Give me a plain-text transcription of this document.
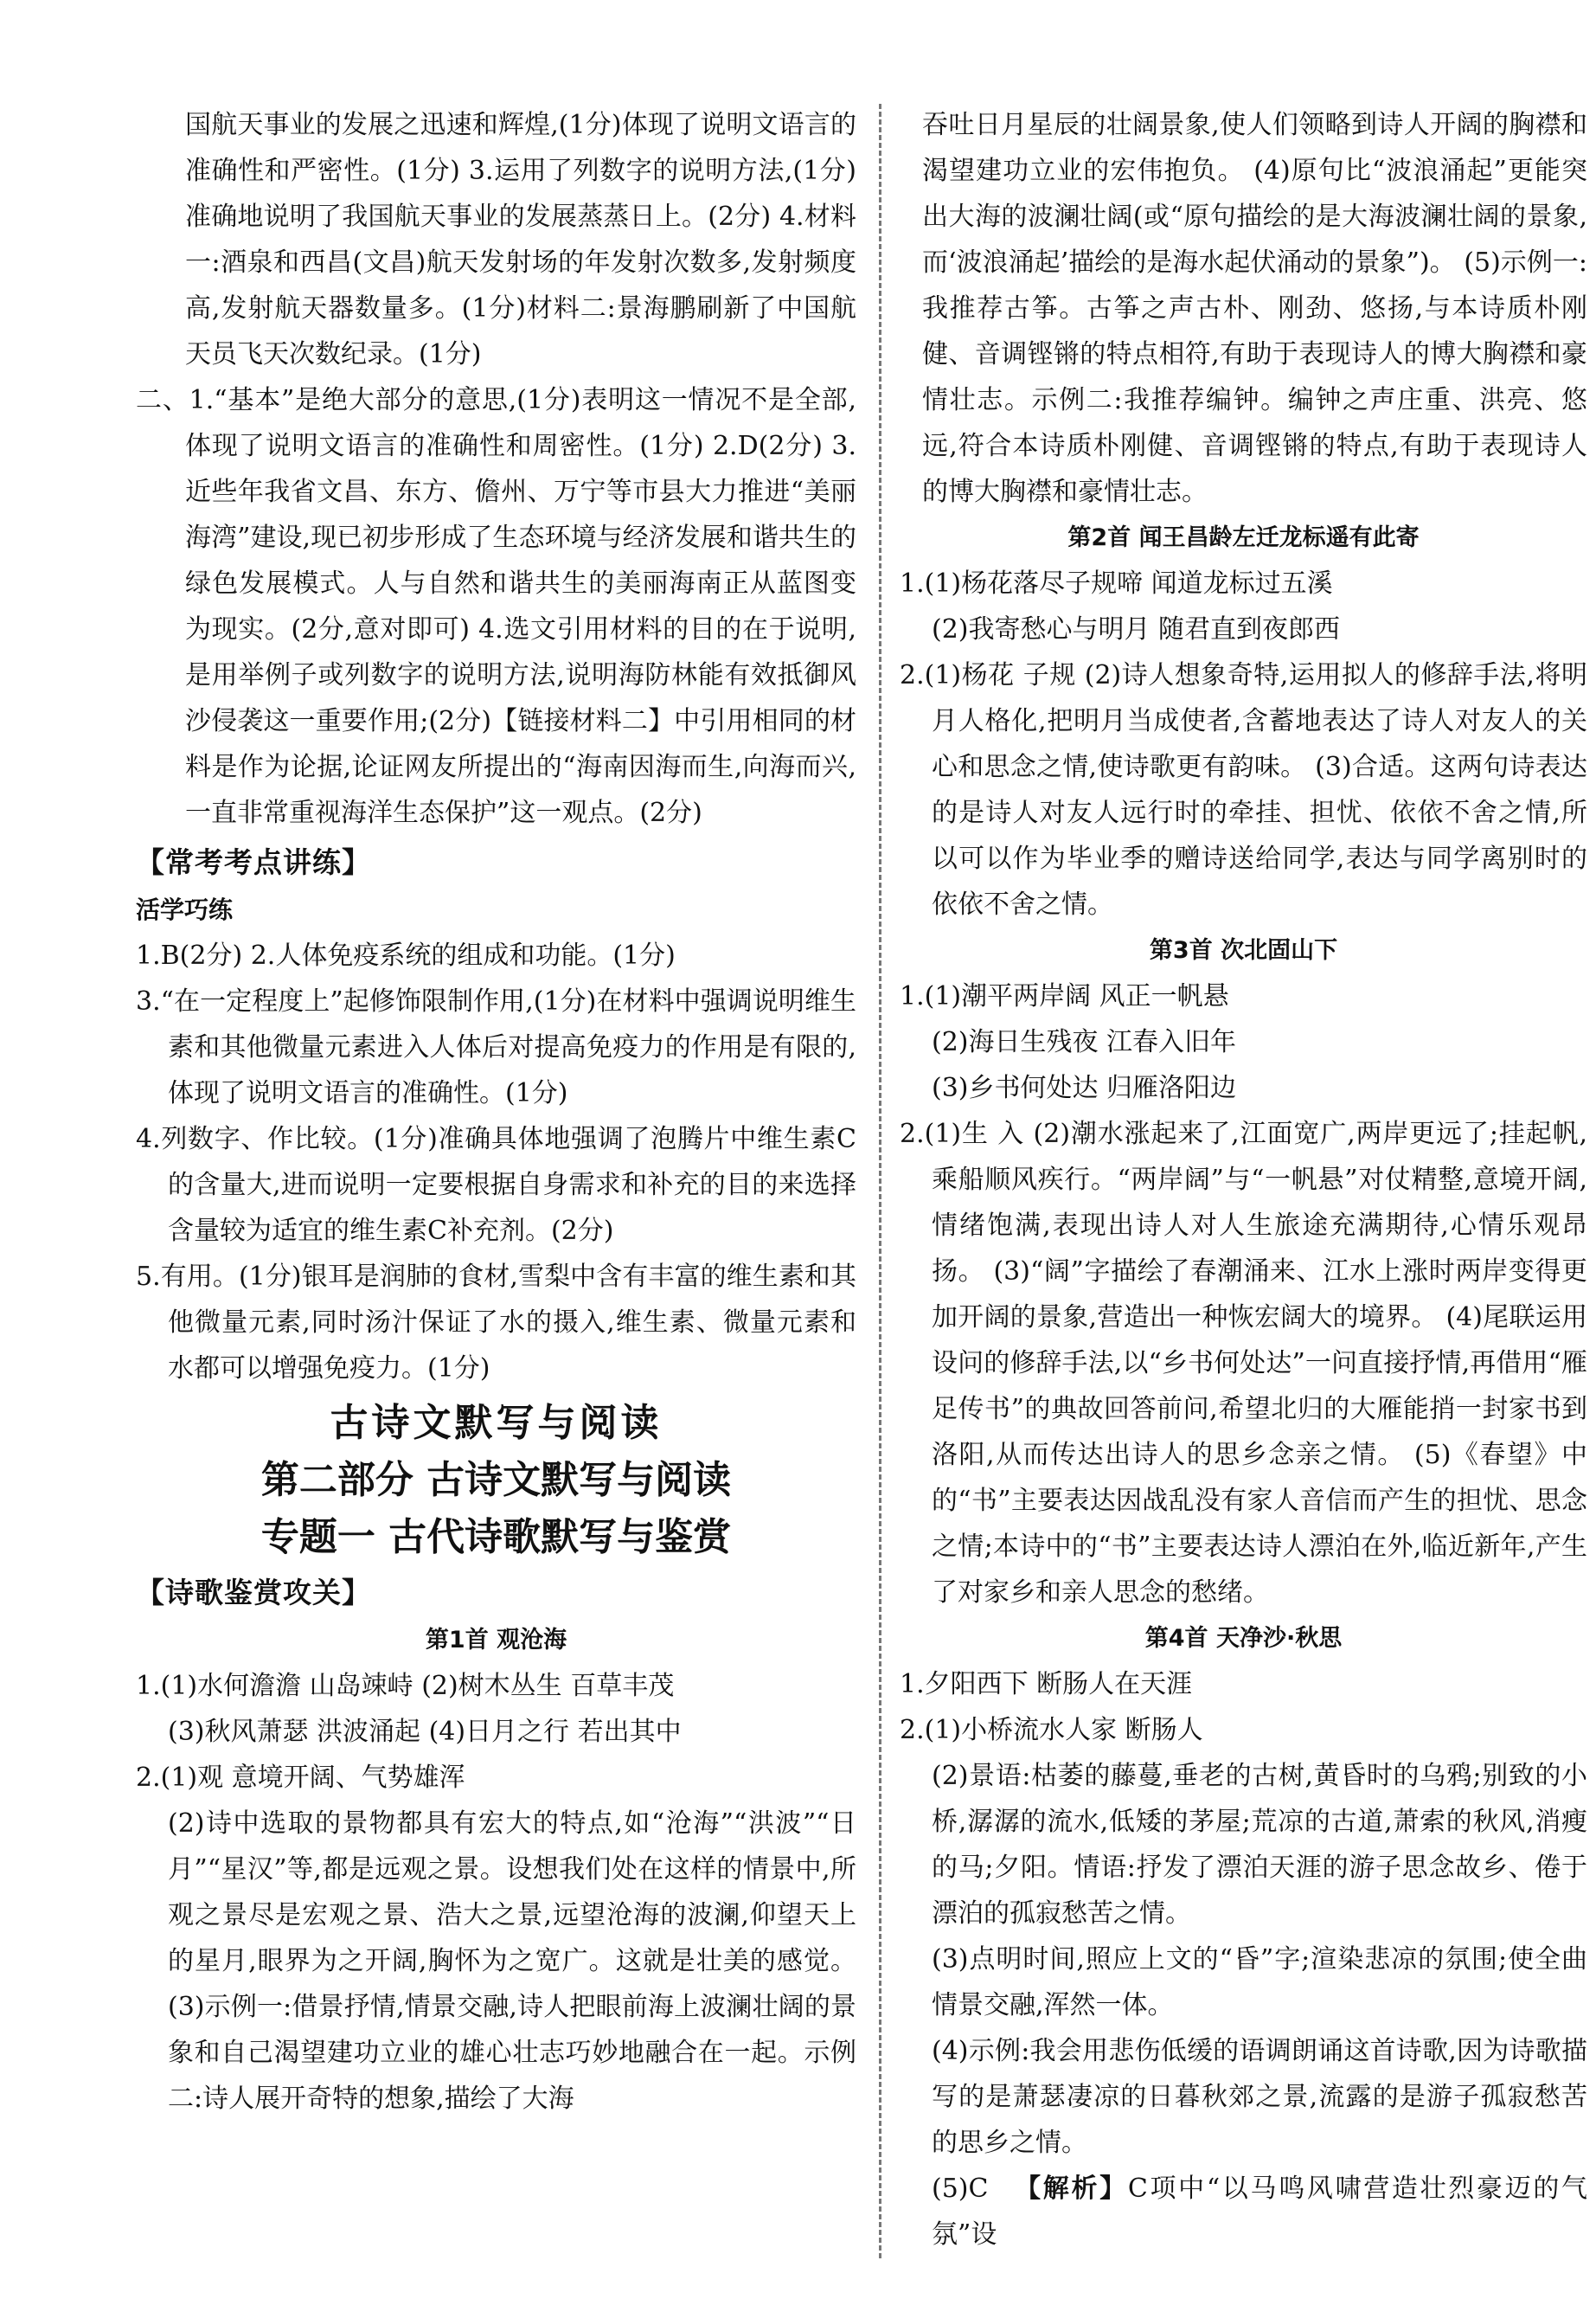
国航天事业的发展之迅速和辉煌,(1分)体现了说明文语言的准确性和严密性。(1分) 3.运用了列数字的说明方法,(1分)准确地说明了我国航天事业的发展蒸蒸日上。(2分) 4.材料一:酒泉和西昌(文昌)航天发射场的年发射次数多,发射频度高,发射航天器数量多。(1分)材料二:景海鹏刷新了中国航天员飞天次数纪录。(1分)

二、1.“基本”是绝大部分的意思,(1分)表明这一情况不是全部,体现了说明文语言的准确性和周密性。(1分) 2.D(2分) 3.近些年我省文昌、东方、儋州、万宁等市县大力推进“美丽海湾”建设,现已初步形成了生态环境与经济发展和谐共生的绿色发展模式。人与自然和谐共生的美丽海南正从蓝图变为现实。(2分,意对即可) 4.选文引用材料的目的在于说明,是用举例子或列数字的说明方法,说明海防林能有效抵御风沙侵袭这一重要作用;(2分)【链接材料二】中引用相同的材料是作为论据,论证网友所提出的“海南因海而生,向海而兴,一直非常重视海洋生态保护”这一观点。(2分)

【常考考点讲练】
活学巧练

1.B(2分) 2.人体免疫系统的组成和功能。(1分)

3.“在一定程度上”起修饰限制作用,(1分)在材料中强调说明维生素和其他微量元素进入人体后对提高免疫力的作用是有限的,体现了说明文语言的准确性。(1分)

4.列数字、作比较。(1分)准确具体地强调了泡腾片中维生素C的含量大,进而说明一定要根据自身需求和补充的目的来选择含量较为适宜的维生素C补充剂。(2分)

5.有用。(1分)银耳是润肺的食材,雪梨中含有丰富的维生素和其他微量元素,同时汤汁保证了水的摄入,维生素、微量元素和水都可以增强免疫力。(1分)

古诗文默写与阅读
第二部分 古诗文默写与阅读
专题一 古代诗歌默写与鉴赏
【诗歌鉴赏攻关】
第1首 观沧海

1.(1)水何澹澹 山岛竦峙 (2)树木丛生 百草丰茂

(3)秋风萧瑟 洪波涌起 (4)日月之行 若出其中

2.(1)观 意境开阔、气势雄浑

(2)诗中选取的景物都具有宏大的特点,如“沧海”“洪波”“日月”“星汉”等,都是远观之景。设想我们处在这样的情景中,所观之景尽是宏观之景、浩大之景,远望沧海的波澜,仰望天上的星月,眼界为之开阔,胸怀为之宽广。这就是壮美的感觉。 (3)示例一:借景抒情,情景交融,诗人把眼前海上波澜壮阔的景象和自己渴望建功立业的雄心壮志巧妙地融合在一起。示例二:诗人展开奇特的想象,描绘了大海

吞吐日月星辰的壮阔景象,使人们领略到诗人开阔的胸襟和渴望建功立业的宏伟抱负。 (4)原句比“波浪涌起”更能突出大海的波澜壮阔(或“原句描绘的是大海波澜壮阔的景象,而‘波浪涌起’描绘的是海水起伏涌动的景象”)。 (5)示例一:我推荐古筝。古筝之声古朴、刚劲、悠扬,与本诗质朴刚健、音调铿锵的特点相符,有助于表现诗人的博大胸襟和豪情壮志。示例二:我推荐编钟。编钟之声庄重、洪亮、悠远,符合本诗质朴刚健、音调铿锵的特点,有助于表现诗人的博大胸襟和豪情壮志。

第2首 闻王昌龄左迁龙标遥有此寄

1.(1)杨花落尽子规啼 闻道龙标过五溪

(2)我寄愁心与明月 随君直到夜郎西

2.(1)杨花 子规 (2)诗人想象奇特,运用拟人的修辞手法,将明月人格化,把明月当成使者,含蓄地表达了诗人对友人的关心和思念之情,使诗歌更有韵味。 (3)合适。这两句诗表达的是诗人对友人远行时的牵挂、担忧、依依不舍之情,所以可以作为毕业季的赠诗送给同学,表达与同学离别时的依依不舍之情。

第3首 次北固山下

1.(1)潮平两岸阔 风正一帆悬

(2)海日生残夜 江春入旧年

(3)乡书何处达 归雁洛阳边

2.(1)生 入 (2)潮水涨起来了,江面宽广,两岸更远了;挂起帆,乘船顺风疾行。“两岸阔”与“一帆悬”对仗精整,意境开阔,情绪饱满,表现出诗人对人生旅途充满期待,心情乐观昂扬。 (3)“阔”字描绘了春潮涌来、江水上涨时两岸变得更加开阔的景象,营造出一种恢宏阔大的境界。 (4)尾联运用设问的修辞手法,以“乡书何处达”一问直接抒情,再借用“雁足传书”的典故回答前问,希望北归的大雁能捎一封家书到洛阳,从而传达出诗人的思乡念亲之情。 (5)《春望》中的“书”主要表达因战乱没有家人音信而产生的担忧、思念之情;本诗中的“书”主要表达诗人漂泊在外,临近新年,产生了对家乡和亲人思念的愁绪。

第4首 天净沙·秋思

1.夕阳西下 断肠人在天涯

2.(1)小桥流水人家 断肠人

(2)景语:枯萎的藤蔓,垂老的古树,黄昏时的乌鸦;别致的小桥,潺潺的流水,低矮的茅屋;荒凉的古道,萧索的秋风,消瘦的马;夕阳。情语:抒发了漂泊天涯的游子思念故乡、倦于漂泊的孤寂愁苦之情。

(3)点明时间,照应上文的“昏”字;渲染悲凉的氛围;使全曲情景交融,浑然一体。

(4)示例:我会用悲伤低缓的语调朗诵这首诗歌,因为诗歌描写的是萧瑟凄凉的日暮秋郊之景,流露的是游子孤寂愁苦的思乡之情。

(5)C 【解析】C项中“以马鸣风啸营造壮烈豪迈的气氛”设
